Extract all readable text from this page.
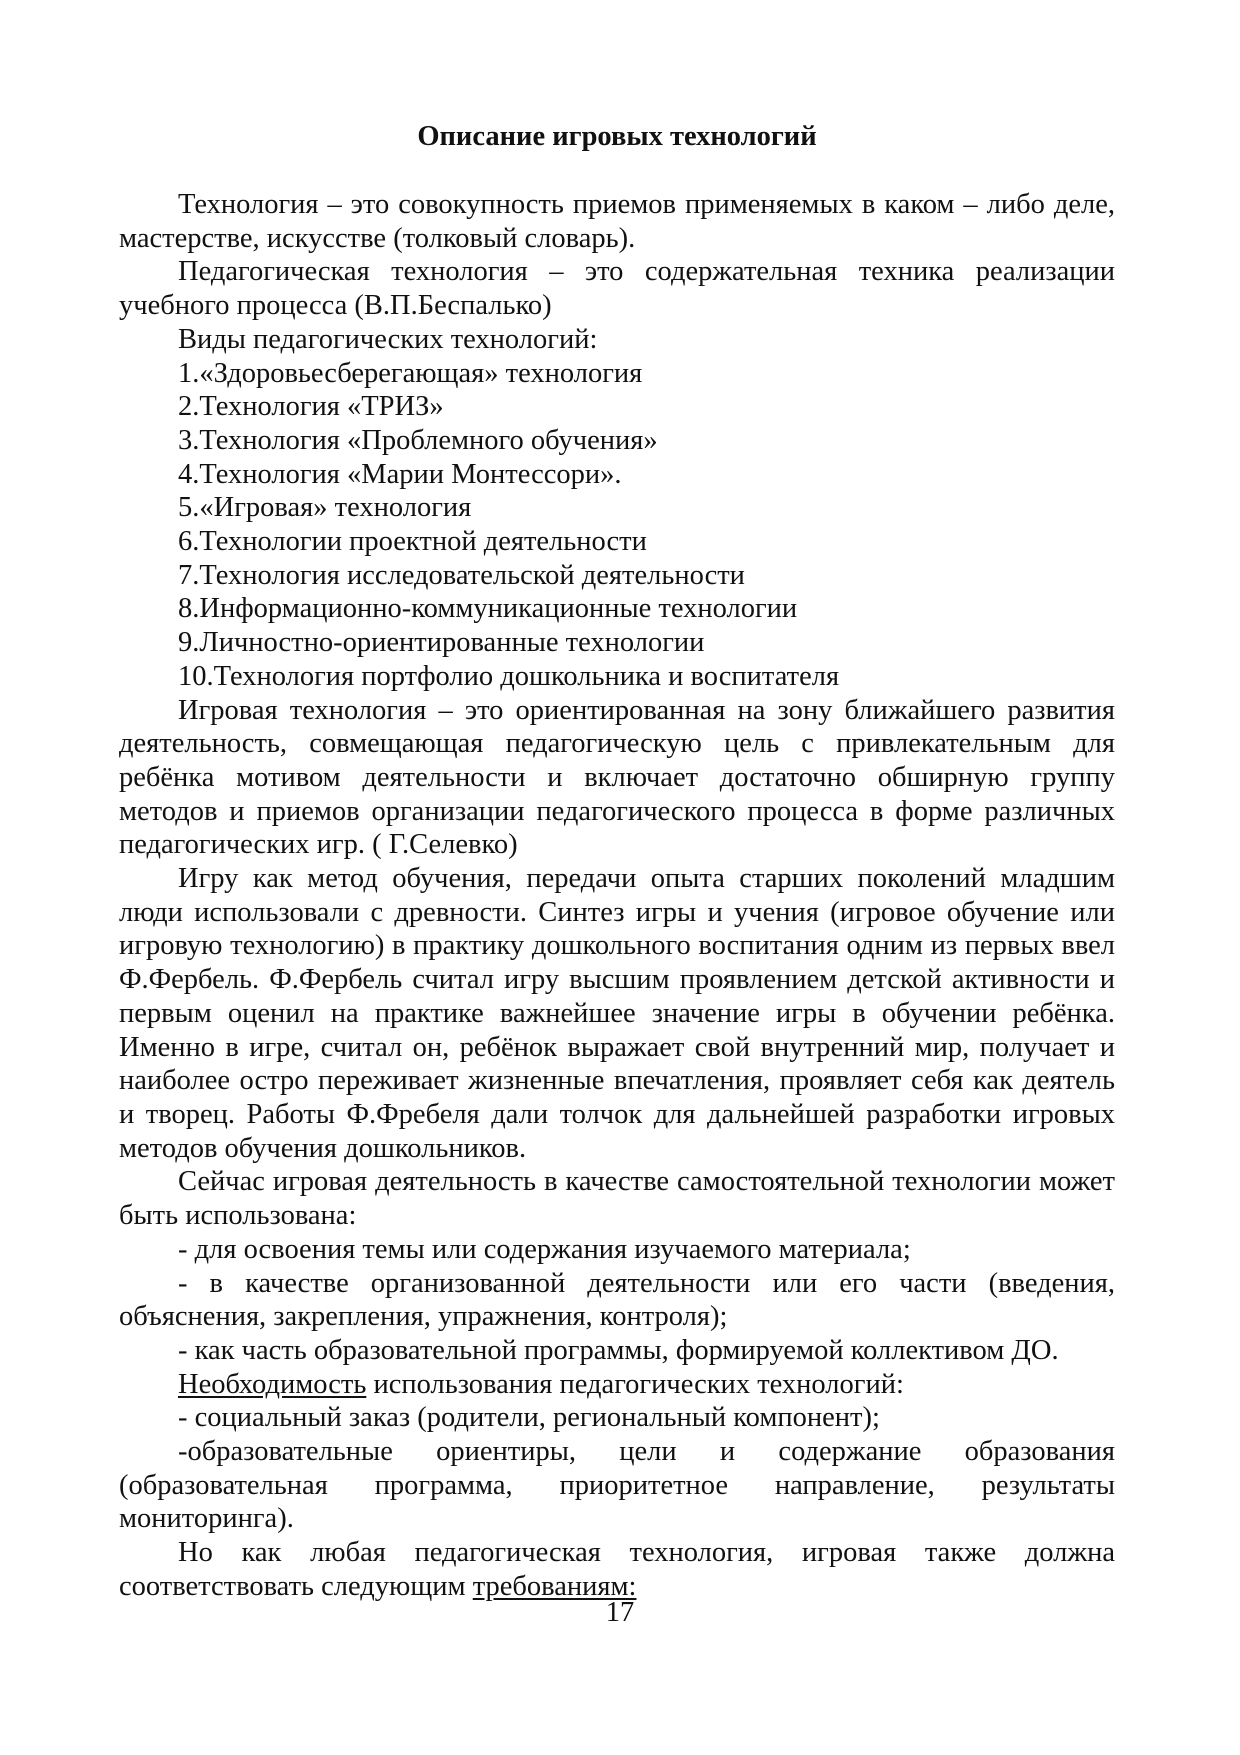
Описание игровых технологий

Технология – это совокупность приемов применяемых в каком – либо деле, мастерстве, искусстве (толковый словарь).

Педагогическая технология – это содержательная техника реализации учебного процесса (В.П.Беспалько)

Виды педагогических технологий:

1.«Здоровьесберегающая» технология

2.Технология «ТРИЗ»

3.Технология «Проблемного обучения»

4.Технология «Марии Монтессори».

5.«Игровая» технология

6.Технологии проектной деятельности

7.Технология исследовательской деятельности

8.Информационно-коммуникационные технологии

9.Личностно-ориентированные технологии

10.Технология портфолио дошкольника и воспитателя

Игровая технология – это ориентированная на зону ближайшего развития деятельность, совмещающая педагогическую цель с привлекательным для ребёнка мотивом деятельности и включает достаточно обширную группу методов и приемов организации педагогического процесса в форме различных педагогических игр. ( Г.Селевко)

Игру как метод обучения, передачи опыта старших поколений младшим люди использовали с древности. Синтез игры и учения (игровое обучение или игровую технологию) в практику дошкольного воспитания одним из первых ввел Ф.Фербель. Ф.Фербель считал игру высшим проявлением детской активности и первым оценил на практике важнейшее значение игры в обучении ребёнка. Именно в игре, считал он, ребёнок выражает свой внутренний мир, получает и наиболее остро переживает жизненные впечатления, проявляет себя как деятель и творец. Работы Ф.Фребеля дали толчок для дальнейшей разработки игровых методов обучения дошкольников.

Сейчас игровая деятельность в качестве самостоятельной технологии может быть использована:

- для освоения темы или содержания изучаемого материала;

- в качестве организованной деятельности или его части (введения, объяснения, закрепления, упражнения, контроля);

- как часть образовательной программы, формируемой коллективом ДО.

Необходимость использования педагогических технологий:

- социальный заказ (родители, региональный компонент);

-образовательные ориентиры, цели и содержание образования (образовательная программа, приоритетное направление, результаты мониторинга).

Но как любая педагогическая технология, игровая также должна соответствовать следующим требованиям:

17
